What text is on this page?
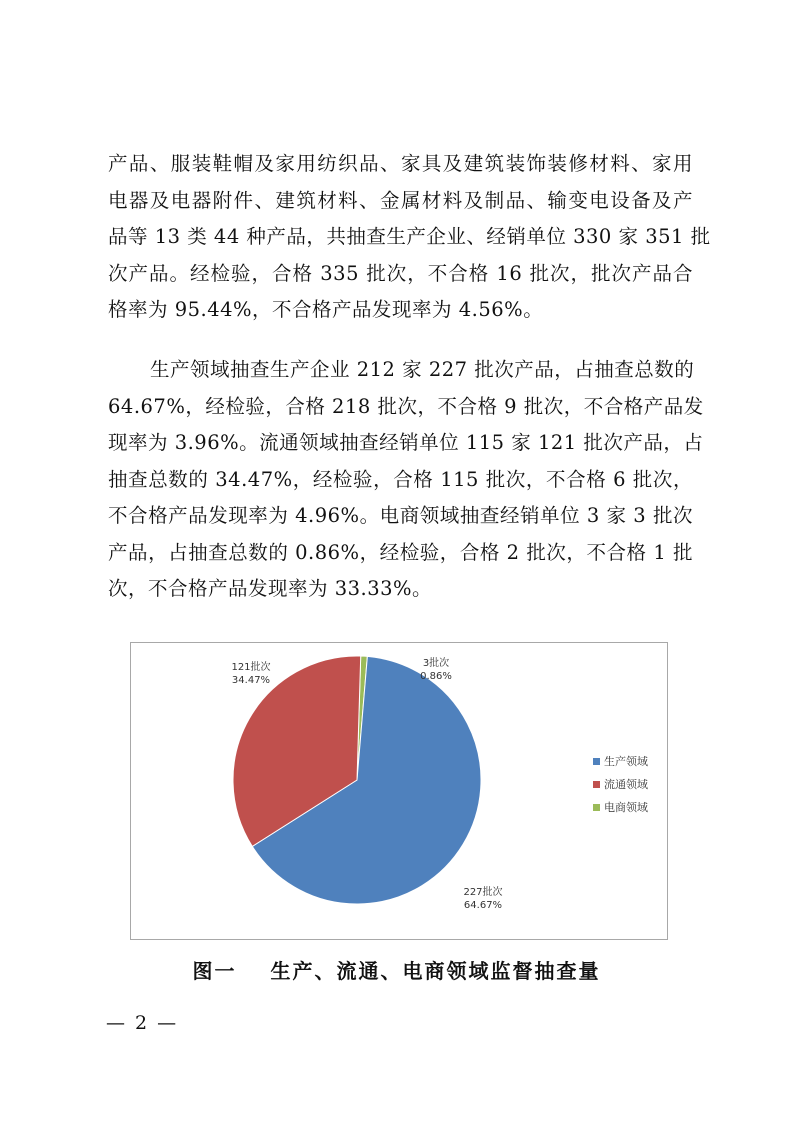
产品、服装鞋帽及家用纺织品、家具及建筑装饰装修材料、家用
电器及电器附件、建筑材料、金属材料及制品、输变电设备及产
品等 13 类 44 种产品，共抽查生产企业、经销单位 330 家 351 批
次产品。经检验，合格 335 批次，不合格 16 批次，批次产品合
格率为 95.44%，不合格产品发现率为 4.56%。
生产领域抽查生产企业 212 家 227 批次产品，占抽查总数的
64.67%，经检验，合格 218 批次，不合格 9 批次，不合格产品发
现率为 3.96%。流通领域抽查经销单位 115 家 121 批次产品，占
抽查总数的 34.47%，经检验，合格 115 批次，不合格 6 批次，
不合格产品发现率为 4.96%。电商领域抽查经销单位 3 家 3 批次
产品，占抽查总数的 0.86%，经检验，合格 2 批次，不合格 1 批
次，不合格产品发现率为 33.33%。
227批次
64.67%
121批次
34.47%
3批次
0.86%
生产领域
流通领域
电商领域
图一 生产、流通、电商领域监督抽查量
— 2 —
